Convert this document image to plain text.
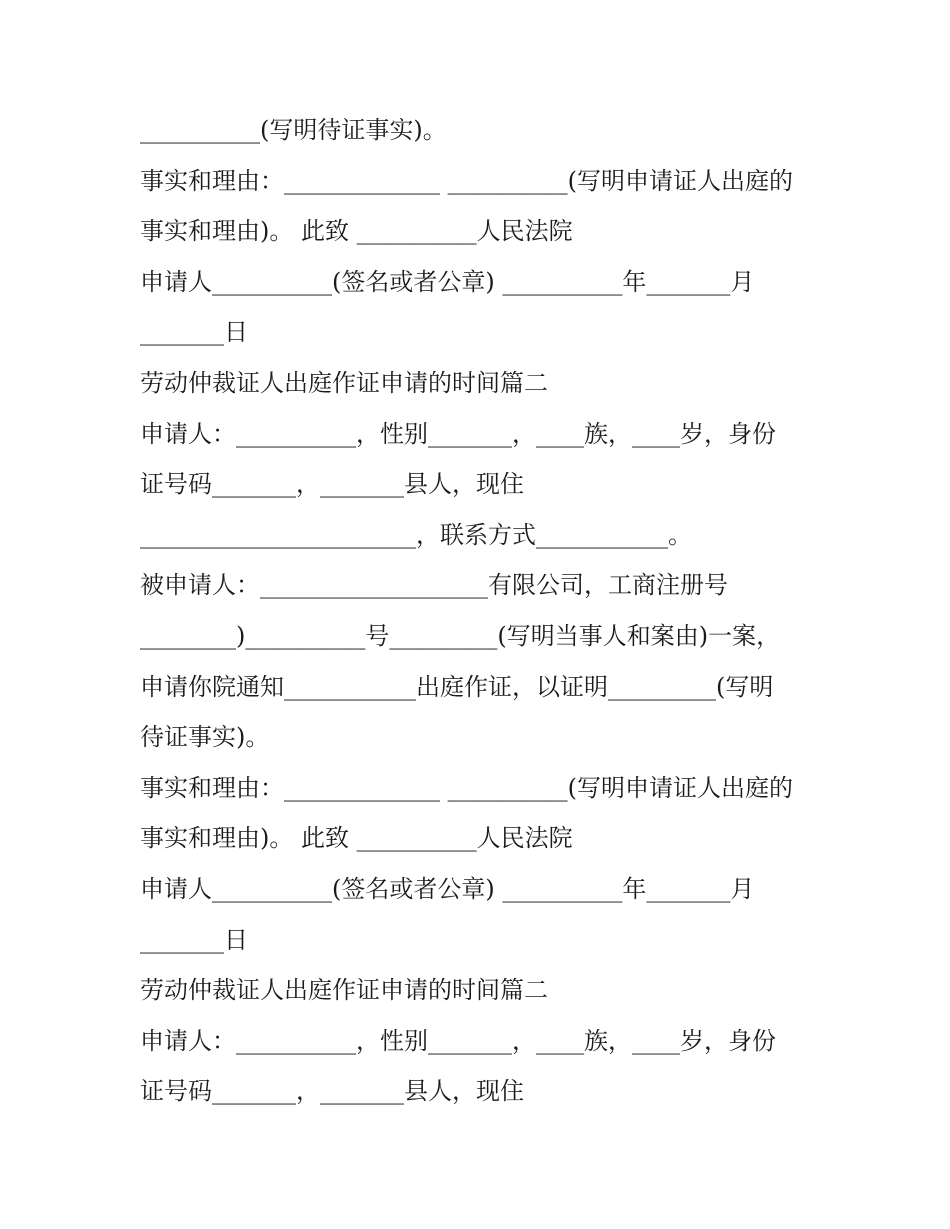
__________(写明待证事实)。
事实和理由：_____________ __________(写明申请证人出庭的
事实和理由)。 此致 __________人民法院
申请人__________(签名或者公章) __________年_______月
_______日
劳动仲裁证人出庭作证申请的时间篇二
申请人：__________，性别_______，____族，____岁，身份
证号码_______，_______县人，现住
_______________________，联系方式___________。
被申请人：___________________有限公司，工商注册号
________)__________号_________(写明当事人和案由)一案，
申请你院通知___________出庭作证，以证明_________(写明
待证事实)。
事实和理由：_____________ __________(写明申请证人出庭的
事实和理由)。 此致 __________人民法院
申请人__________(签名或者公章) __________年_______月
_______日
劳动仲裁证人出庭作证申请的时间篇二
申请人：__________，性别_______，____族，____岁，身份
证号码_______，_______县人，现住
